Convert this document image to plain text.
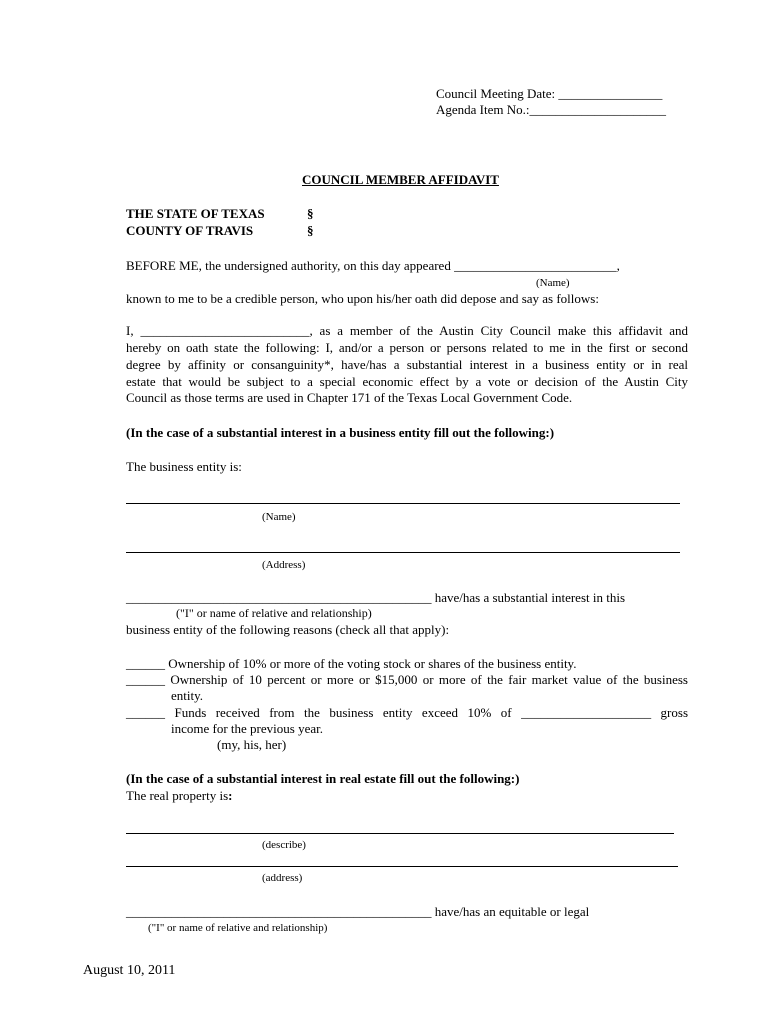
Council Meeting Date: ________________
Agenda Item No.:_____________________
COUNCIL MEMBER AFFIDAVIT
THE STATE OF TEXAS
COUNTY OF TRAVIS
§
§
BEFORE ME, the undersigned authority, on this day appeared _________________________,
(Name)
known to me to be a credible person, who upon his/her oath did depose and say as follows:
I, __________________________, as a member of the Austin City Council make this affidavit and
hereby on oath state the following: I, and/or a person or persons related to me in the first or second
degree by affinity or consanguinity*, have/has a substantial interest in a business entity or in real
estate that would be subject to a special economic effect by a vote or decision of the Austin City
Council as those terms are used in Chapter 171 of the Texas Local Government Code.
(In the case of a substantial interest in a business entity fill out the following:)
The business entity is:
(Name)
(Address)
_______________________________________________ have/has a substantial interest in this
("I" or name of relative and relationship)
business entity of the following reasons (check all that apply):
______ Ownership of 10% or more of the voting stock or shares of the business entity.
______ Ownership of 10 percent or more or $15,000 or more of the fair market value of the business
entity.
______ Funds received from the business entity exceed 10% of ____________________ gross
income for the previous year.
(my, his, her)
(In the case of a substantial interest in real estate fill out the following:)
The real property is:
(describe)
(address)
_______________________________________________ have/has an equitable or legal
("I" or name of relative and relationship)
August 10, 2011
